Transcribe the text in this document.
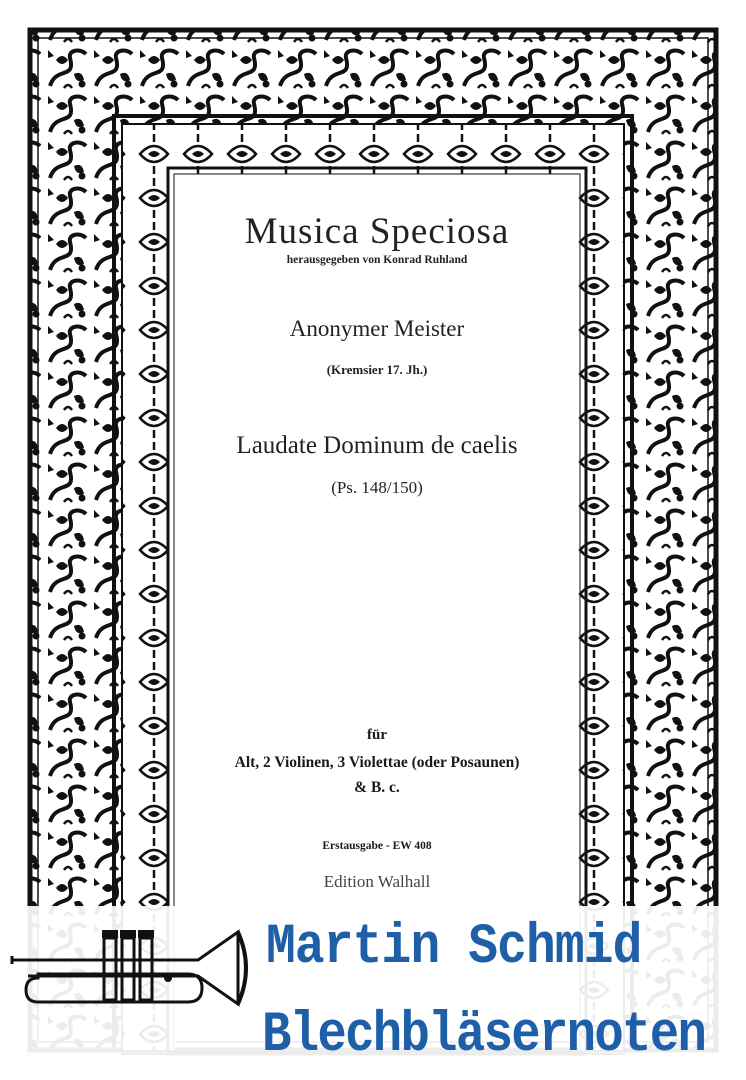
Musica Speciosa
herausgegeben von Konrad Ruhland
Anonymer Meister
(Kremsier 17. Jh.)
Laudate Dominum de caelis
(Ps. 148/150)
für
Alt, 2 Violinen, 3 Violettae (oder Posaunen)
& B. c.
Erstausgabe - EW 408
Edition Walhall
Martin Schmid
Blechbläsernoten
